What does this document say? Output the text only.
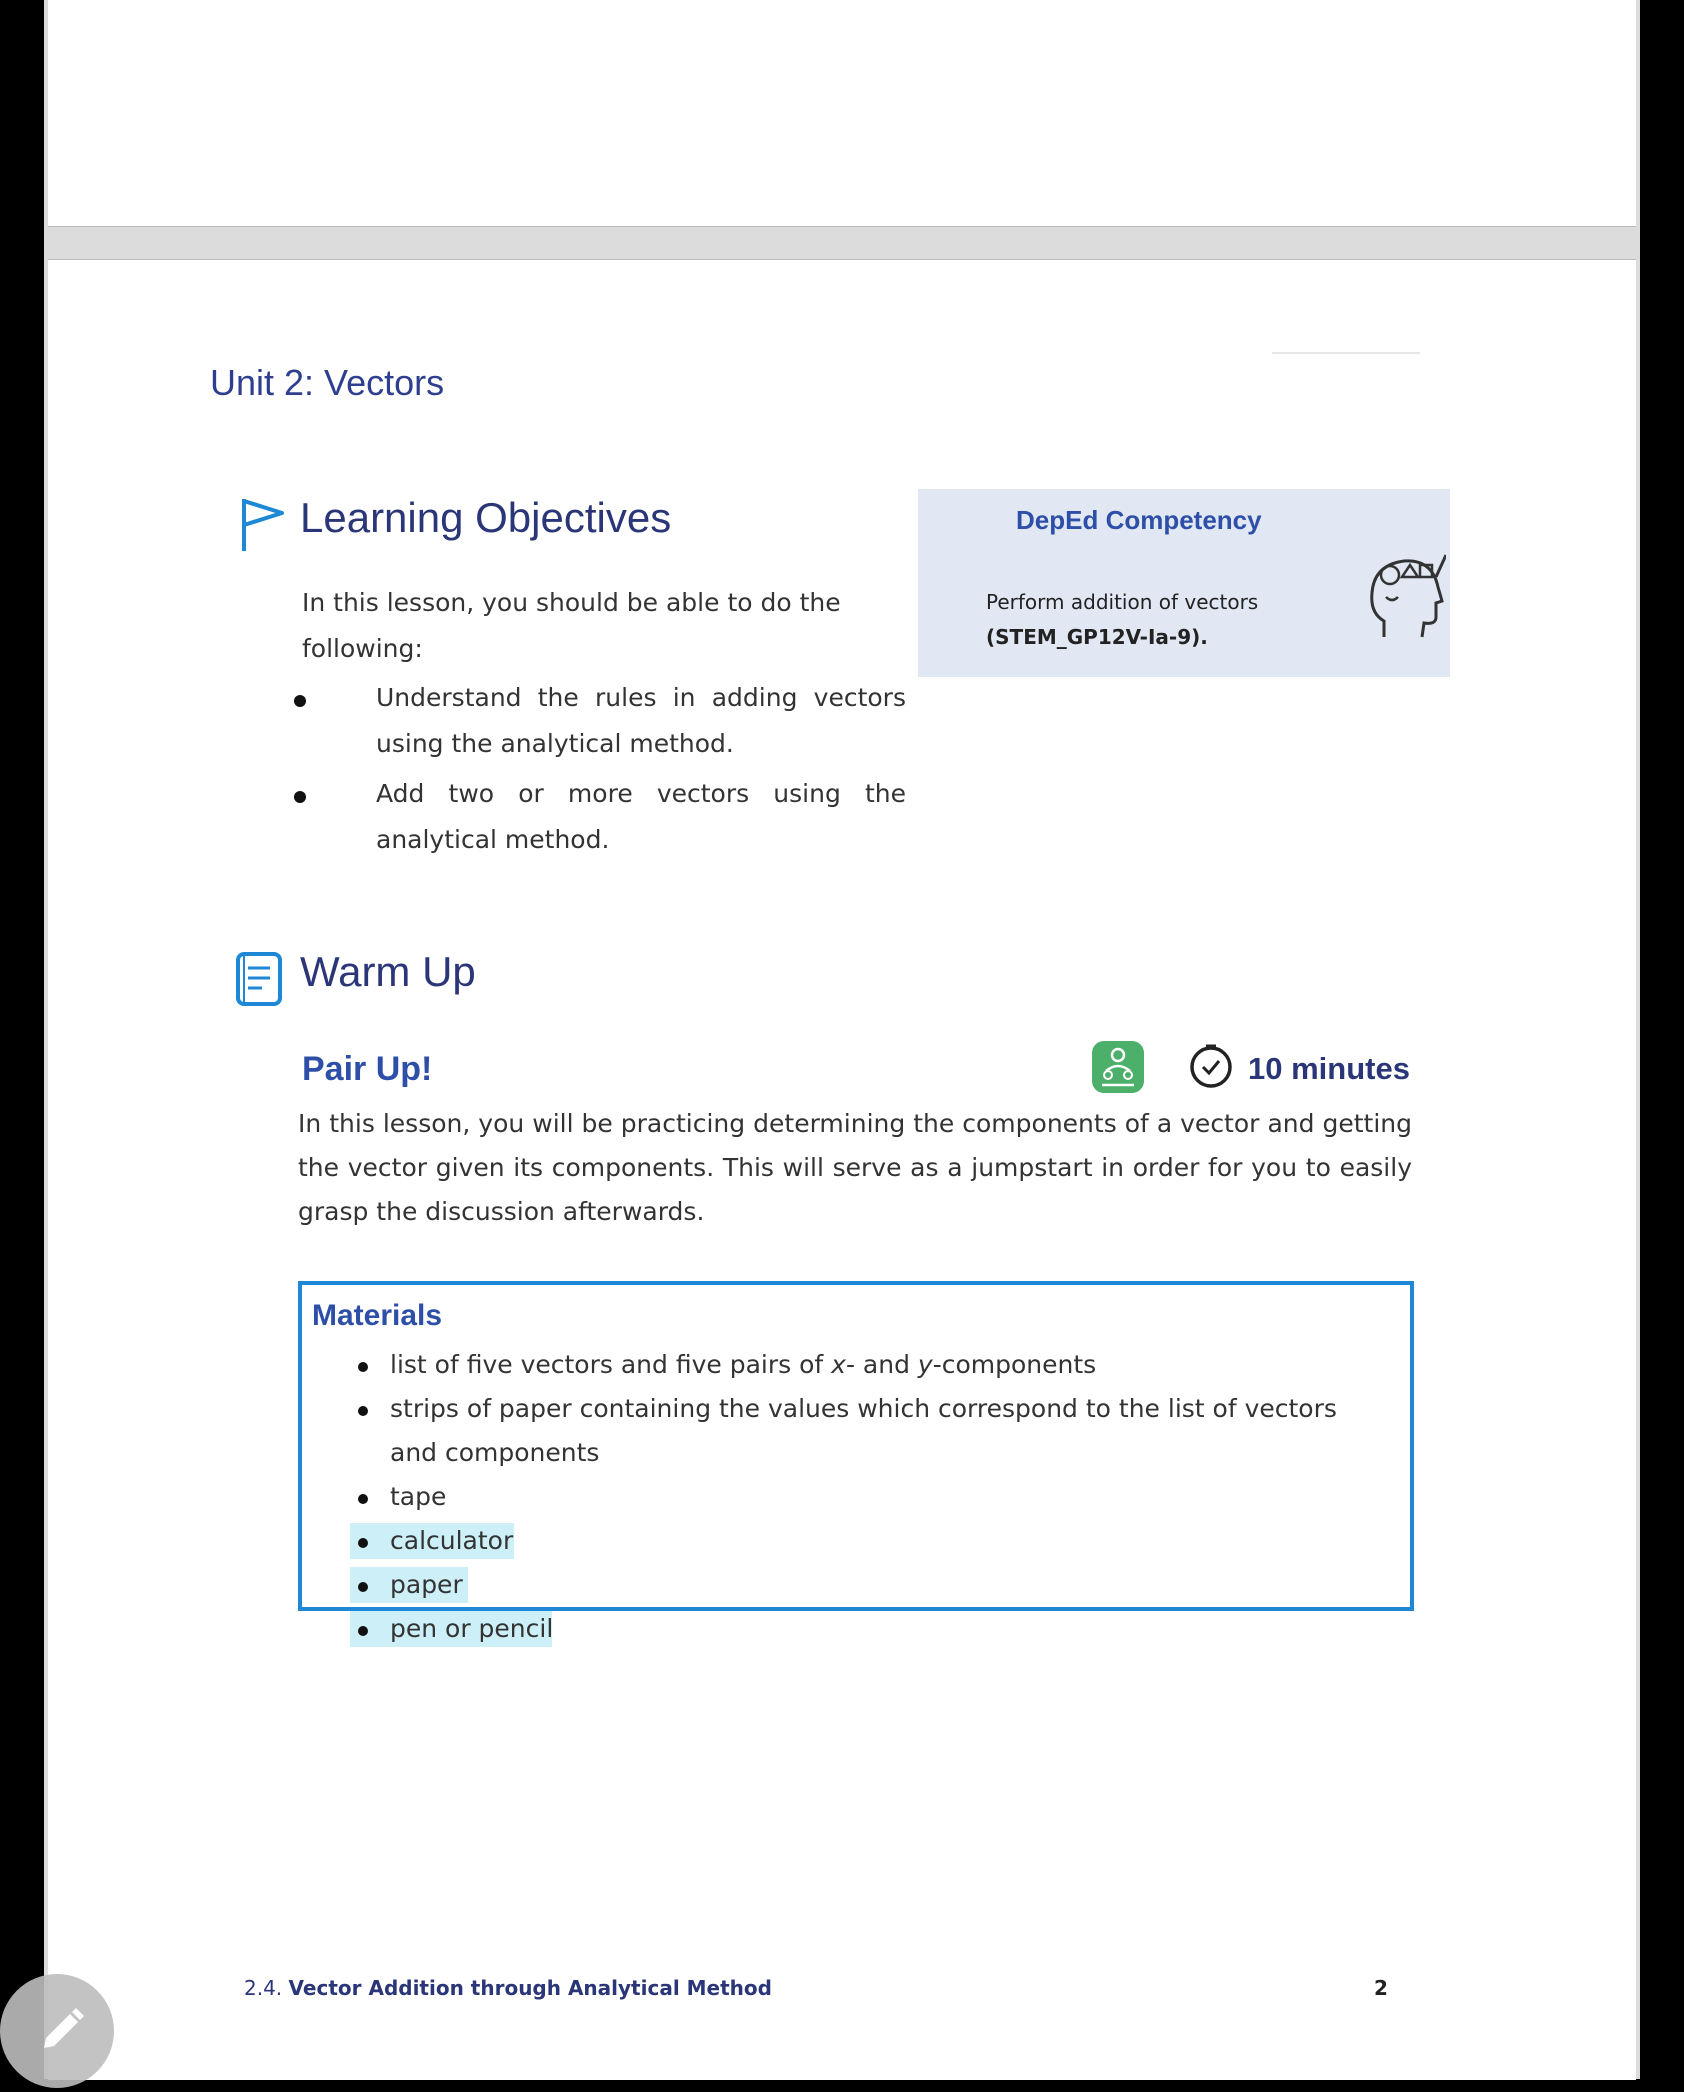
Unit 2: Vectors
Learning Objectives
In this lesson, you should be able to do the following:
Understand the rules in adding vectors using the analytical method.
Add two or more vectors using the analytical method.
DepEd Competency
Perform addition of vectors
(STEM_GP12V-Ia-9).
Warm Up
Pair Up!	10 minutes
In this lesson, you will be practicing determining the components of a vector and getting the vector given its components. This will serve as a jumpstart in order for you to easily grasp the discussion afterwards.
Materials
list of five vectors and five pairs of x- and y-components
strips of paper containing the values which correspond to the list of vectors and components
tape
calculator
paper
pen or pencil
2.4. Vector Addition through Analytical Method	2
